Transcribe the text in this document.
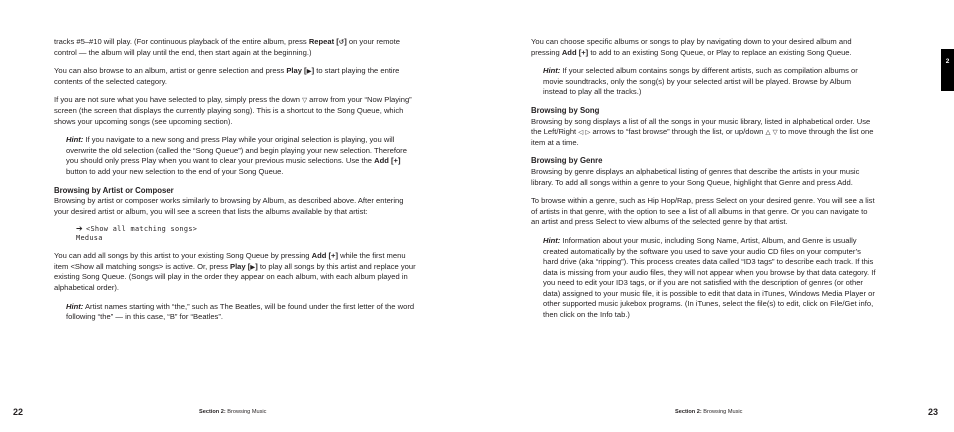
tracks #5–#10 will play. (For continuous playback of the entire album, press Repeat [↺] on your remote control — the album will play until the end, then start again at the beginning.)

You can also browse to an album, artist or genre selection and press Play [▶] to start playing the entire contents of the selected category.

If you are not sure what you have selected to play, simply press the down ▽ arrow from your “Now Playing” screen (the screen that displays the currently playing song). This is a shortcut to the Song Queue, which shows your upcoming songs (see upcoming section).

Hint: If you navigate to a new song and press Play while your original selection is playing, you will overwrite the old selection (called the “Song Queue”) and begin playing your new selection. Therefore you should only press Play when you want to clear your previous music selections. Use the Add [+] button to add your new selection to the end of your Song Queue.

Browsing by Artist or Composer

Browsing by artist or composer works similarly to browsing by Album, as described above. After entering your desired artist or album, you will see a screen that lists the albums available by that artist:

➔ <Show all matching songs>
Medusa

You can add all songs by this artist to your existing Song Queue by pressing Add [+] while the first menu item <Show all matching songs> is active. Or, press Play [▶] to play all songs by this artist and replace your existing Song Queue. (Songs will play in the order they appear on each album, with each album played in alphabetical order).

Hint: Artist names starting with “the,” such as The Beatles, will be found under the first letter of the word following “the” — in this case, “B” for “Beatles”.

22	Section 2: Browsing Music

You can choose specific albums or songs to play by navigating down to your desired album and pressing Add [+] to add to an existing Song Queue, or Play to replace an existing Song Queue.

Hint: If your selected album contains songs by different artists, such as compilation albums or movie soundtracks, only the song(s) by your selected artist will be played. Browse by Album instead to play all the tracks.)

Browsing by Song

Browsing by song displays a list of all the songs in your music library, listed in alphabetical order. Use the Left/Right ◁ ▷ arrows to “fast browse” through the list, or up/down △ ▽ to move through the list one item at a time.

Browsing by Genre

Browsing by genre displays an alphabetical listing of genres that describe the artists in your music library. To add all songs within a genre to your Song Queue, highlight that Genre and press Add.

To browse within a genre, such as Hip Hop/Rap, press Select on your desired genre. You will see a list of artists in that genre, with the option to see a list of all albums in that genre. Or you can navigate to an artist and press Select to view albums of the selected genre by that artist.

Hint: Information about your music, including Song Name, Artist, Album, and Genre is usually created automatically by the software you used to save your audio CD files on your computer’s hard drive (aka “ripping”). This process creates data called “ID3 tags” to describe each track. If this data is missing from your audio files, they will not appear when you browse by that data category. If you need to edit your ID3 tags, or if you are not satisfied with the description of genres (or other data) assigned to your music file, it is possible to edit that data in iTunes, Windows Media Player or other supported music jukebox programs. (In iTunes, select the file(s) to edit, click on File/Get info, then click on the Info tab.)

23
Section 2: Browsing Music
2
